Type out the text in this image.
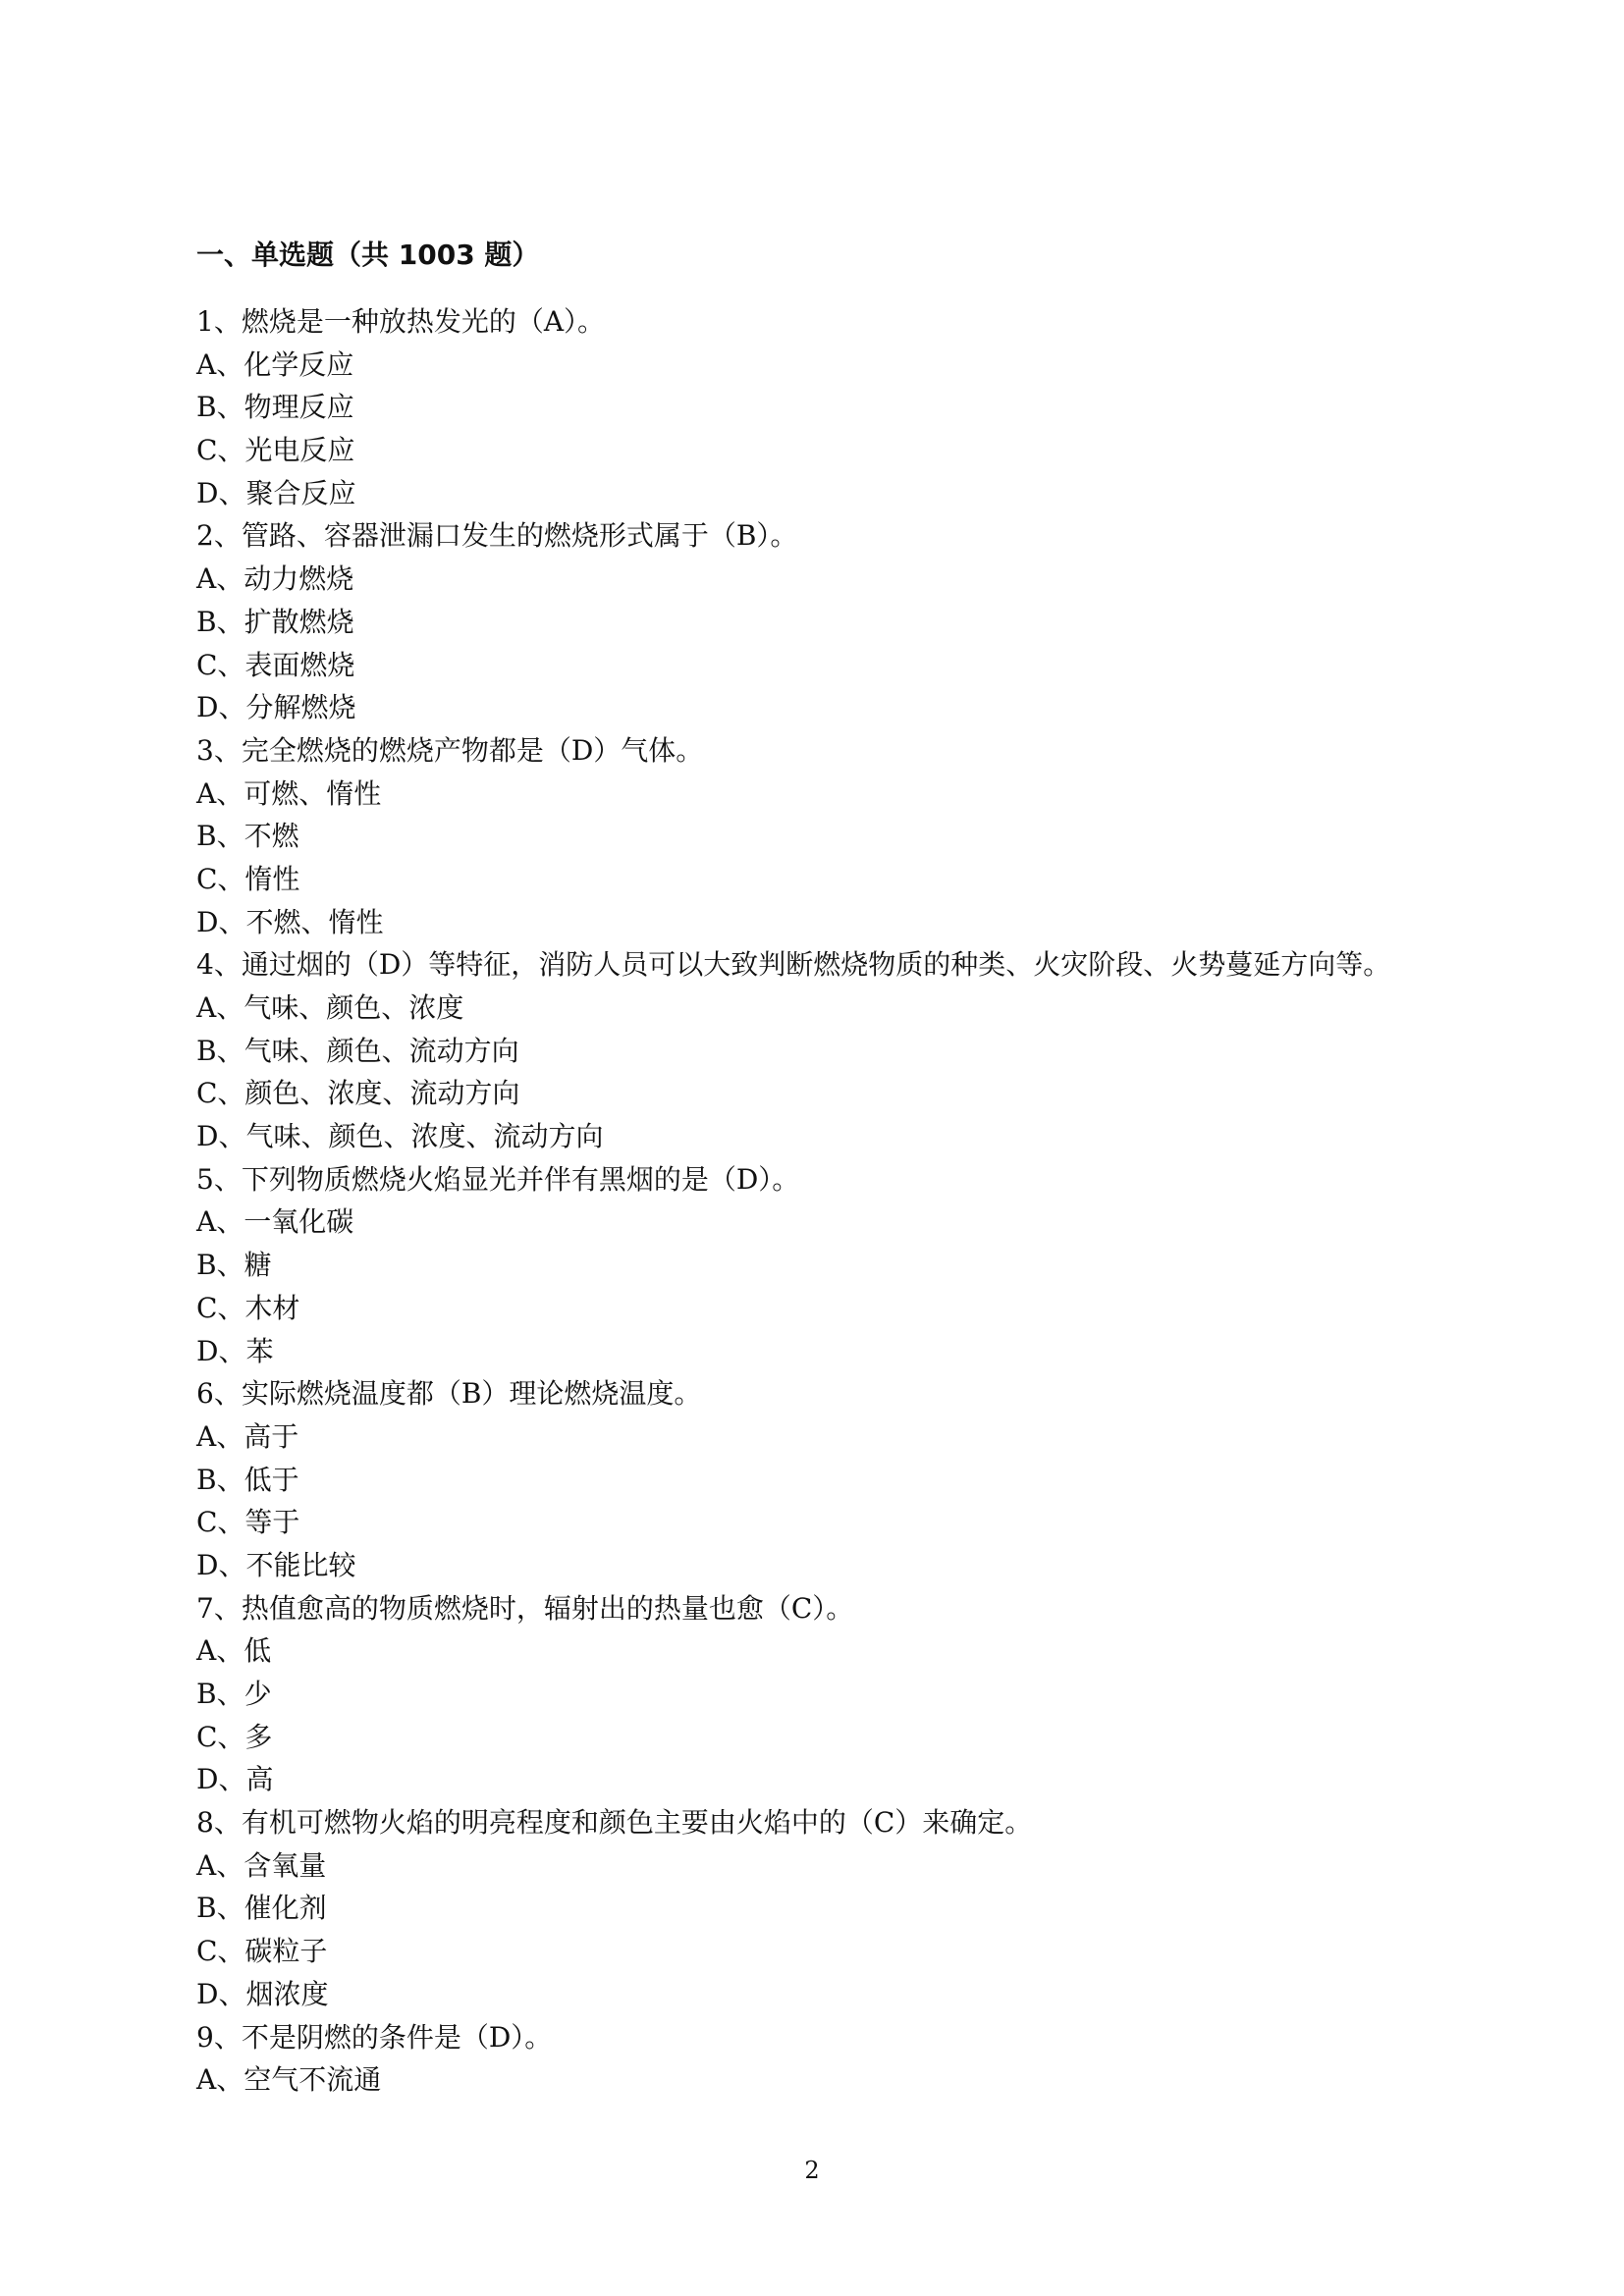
一、单选题（共 1003 题）
1、燃烧是一种放热发光的（A）。
A、化学反应
B、物理反应
C、光电反应
D、聚合反应
2、管路、容器泄漏口发生的燃烧形式属于（B）。
A、动力燃烧
B、扩散燃烧
C、表面燃烧
D、分解燃烧
3、完全燃烧的燃烧产物都是（D）气体。
A、可燃、惰性
B、不燃
C、惰性
D、不燃、惰性
4、通过烟的（D）等特征，消防人员可以大致判断燃烧物质的种类、火灾阶段、火势蔓延方向等。
A、气味、颜色、浓度
B、气味、颜色、流动方向
C、颜色、浓度、流动方向
D、气味、颜色、浓度、流动方向
5、下列物质燃烧火焰显光并伴有黑烟的是（D）。
A、一氧化碳
B、糖
C、木材
D、苯
6、实际燃烧温度都（B）理论燃烧温度。
A、高于
B、低于
C、等于
D、不能比较
7、热值愈高的物质燃烧时，辐射出的热量也愈（C）。
A、低
B、少
C、多
D、高
8、有机可燃物火焰的明亮程度和颜色主要由火焰中的（C）来确定。
A、含氧量
B、催化剂
C、碳粒子
D、烟浓度
9、不是阴燃的条件是（D）。
A、空气不流通
2
